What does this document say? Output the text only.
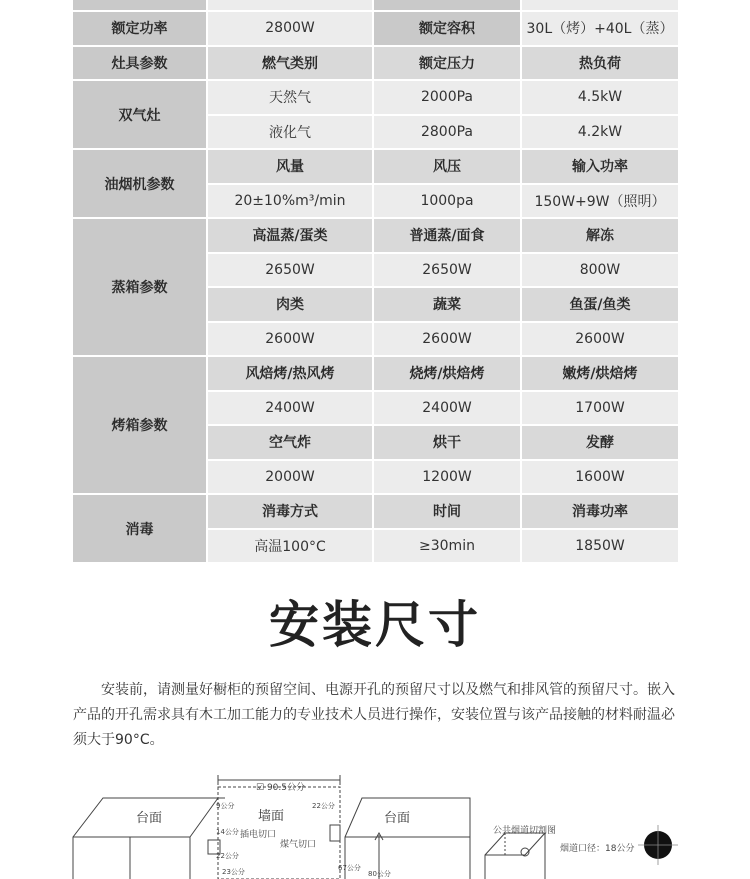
额定功率	2800W	额定容积	30L（烤）+40L（蒸）
灶具参数	燃气类别	额定压力	热负荷
双气灶
天然气	2000Pa	4.5kW
液化气	2800Pa	4.2kW
油烟机参数
风量	风压	输入功率
20±10%m³/min	1000pa	150W+9W（照明）
蒸箱参数
高温蒸/蛋类	普通蒸/面食	解冻
2650W	2650W	800W
肉类	蔬菜	鱼蛋/鱼类
2600W	2600W	2600W
烤箱参数
风焙烤/热风烤	烧烤/烘焙烤	嫩烤/烘焙烤
2400W	2400W	1700W
空气炸	烘干	发酵
2000W	1200W	1600W
消毒
消毒方式	时间	消毒功率
高温100°C	≥30min	1850W
安装尺寸

安装前，请测量好橱柜的预留空间、电源开孔的预留尺寸以及燃气和排风管的预留尺寸。嵌入产品的开孔需求具有木工加工能力的专业技术人员进行操作，安装位置与该产品接触的材料耐温必须大于90°C。

台面	墙面	台面
☑ 90.5公分
9公分	22公分
14公分 插电切口
煤气切口
22公分
23公分	67公分
80公分
公共烟道切割图
烟道口径：18公分
